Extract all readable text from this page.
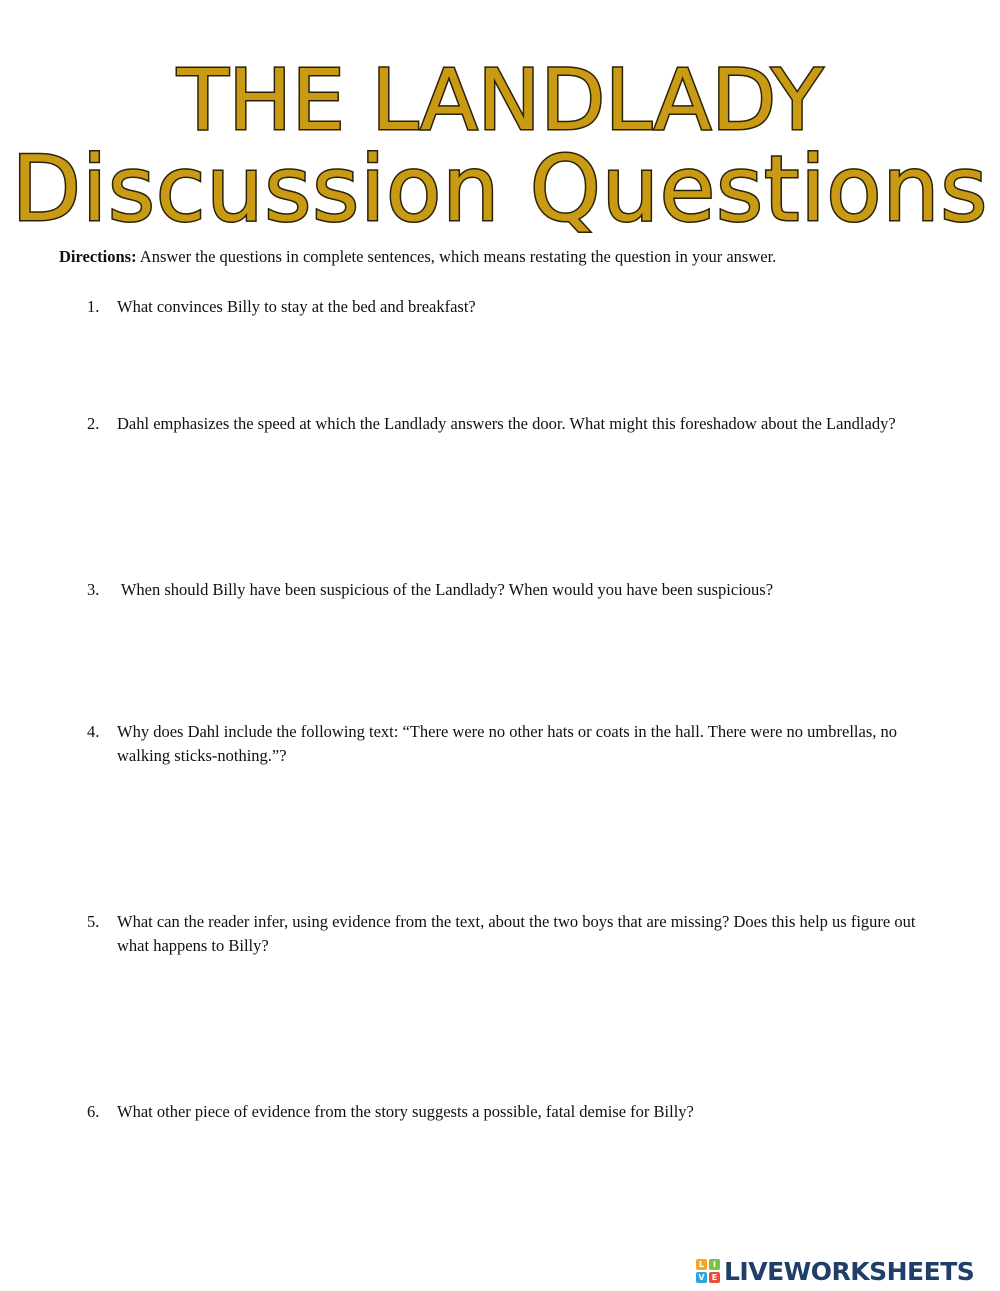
THE LANDLADY
Discussion Questions
Directions: Answer the questions in complete sentences, which means restating the question in your answer.
1.	What convinces Billy to stay at the bed and breakfast?
2.	Dahl emphasizes the speed at which the Landlady answers the door. What might this foreshadow about the Landlady?
3.	When should Billy have been suspicious of the Landlady? When would you have been suspicious?
4.	Why does Dahl include the following text: “There were no other hats or coats in the hall. There were no umbrellas, no walking sticks-nothing.”?
5.	What can the reader infer, using evidence from the text, about the two boys that are missing? Does this help us figure out what happens to Billy?
6.	What other piece of evidence from the story suggests a possible, fatal demise for Billy?
L	I
V E LIVEWORKSHEETS
